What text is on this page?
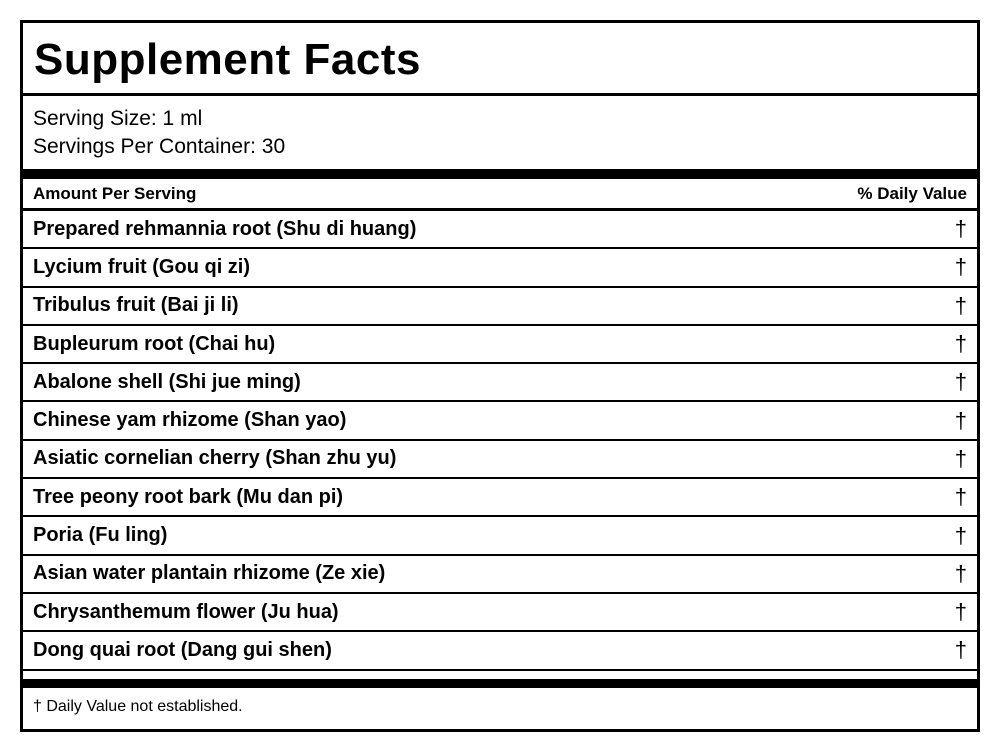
Supplement Facts
Serving Size: 1 ml
Servings Per Container: 30
Amount Per Serving	% Daily Value
Prepared rehmannia root (Shu di huang)	†
Lycium fruit (Gou qi zi)	†
Tribulus fruit (Bai ji li)	†
Bupleurum root (Chai hu)	†
Abalone shell (Shi jue ming)	†
Chinese yam rhizome (Shan yao)	†
Asiatic cornelian cherry (Shan zhu yu)	†
Tree peony root bark (Mu dan pi)	†
Poria (Fu ling)	†
Asian water plantain rhizome (Ze xie)	†
Chrysanthemum flower (Ju hua)	†
Dong quai root (Dang gui shen)	†
† Daily Value not established.
